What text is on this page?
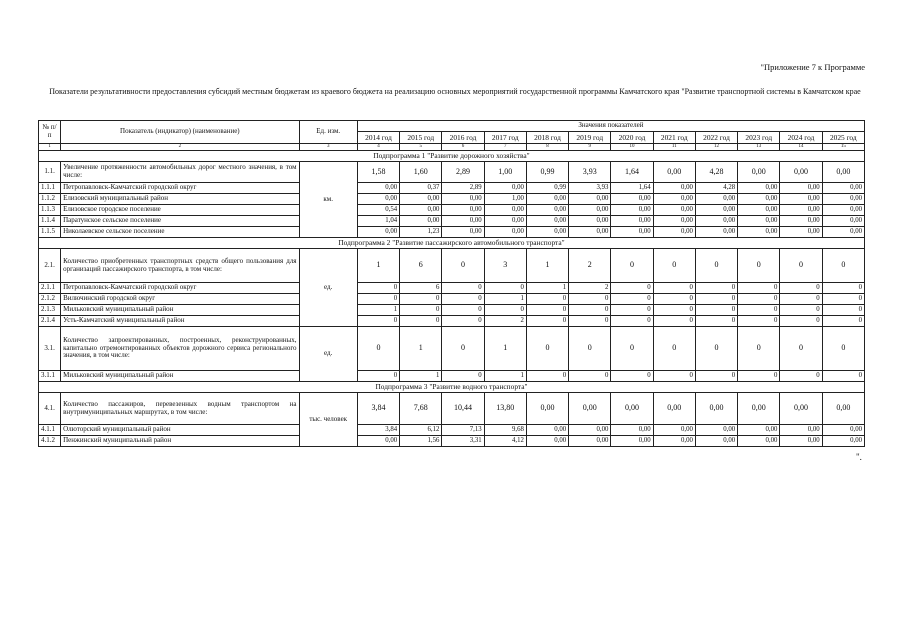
"Приложение 7 к Программе
Показатели результативности предоставления субсидий местным бюджетам из краевого бюджета на реализацию основных мероприятий государственной программы Камчатского края "Развитие транспортной системы в Камчатском крае
№ п/п	Показатель (индикатор) (наименование)	Ед. изм.	Значения показателей											
			2014 год	2015 год	2016 год	2017 год	2018 год	2019 год	2020 год	2021 год	2022 год	2023 год	2024 год	2025 год
1	2	3	4	5	6	7	8	9	10	11	12	13	14	15
Подпрограмма 1 "Развитие дорожного хозяйства"														
1.1.	Увеличение протяженности автомобильных дорог местного значения, в том числе:	км.	1,58	1,60	2,89	1,00	0,99	3,93	1,64	0,00	4,28	0,00	0,00	0,00
1.1.1	Петропавловск-Камчатский городской округ		0,00	0,37	2,89	0,00	0,99	3,93	1,64	0,00	4,28	0,00	0,00	0,00
1.1.2	Елизовский муниципальный район		0,00	0,00	0,00	1,00	0,00	0,00	0,00	0,00	0,00	0,00	0,00	0,00
1.1.3	Елизовское городское поселение		0,54	0,00	0,00	0,00	0,00	0,00	0,00	0,00	0,00	0,00	0,00	0,00
1.1.4	Паратунское сельское поселение		1,04	0,00	0,00	0,00	0,00	0,00	0,00	0,00	0,00	0,00	0,00	0,00
1.1.5	Николаевское сельское поселение		0,00	1,23	0,00	0,00	0,00	0,00	0,00	0,00	0,00	0,00	0,00	0,00
Подпрограмма 2 "Развитие пассажирского автомобильного транспорта"														
2.1.	Количество приобретенных транспортных средств общего пользования для организаций пассажирского транспорта, в том числе:	ед.	1	6	0	3	1	2	0	0	0	0	0	0
2.1.1	Петропавловск-Камчатский городской округ		0	6	0	0	1	2	0	0	0	0	0	0
2.1.2	Вилючинский городской округ		0	0	0	1	0	0	0	0	0	0	0	0
2.1.3	Мильковский муниципальный район		1	0	0	0	0	0	0	0	0	0	0	0
2.1.4	Усть-Камчатский муниципальный район		0	0	0	2	0	0	0	0	0	0	0	0
3.1.	Количество запроектированных, построенных, реконструированных, капитально отремонтированных объектов дорожного сервиса регионального значения, в том числе:	ед.	0	1	0	1	0	0	0	0	0	0	0	0
3.1.1	Мильковский муниципальный район		0	1	0	1	0	0	0	0	0	0	0	0
Подпрограмма 3 "Развитие водного транспорта"														
4.1.	Количество пассажиров, перевезенных водным транспортом на внутримуниципальных маршрутах, в том числе:	тыс. человек	3,84	7,68	10,44	13,80	0,00	0,00	0,00	0,00	0,00	0,00	0,00	0,00
4.1.1	Олюторский муниципальный район		3,84	6,12	7,13	9,68	0,00	0,00	0,00	0,00	0,00	0,00	0,00	0,00
4.1.2	Пенжинский муниципальный район		0,00	1,56	3,31	4,12	0,00	0,00	0,00	0,00	0,00	0,00	0,00	0,00
".
